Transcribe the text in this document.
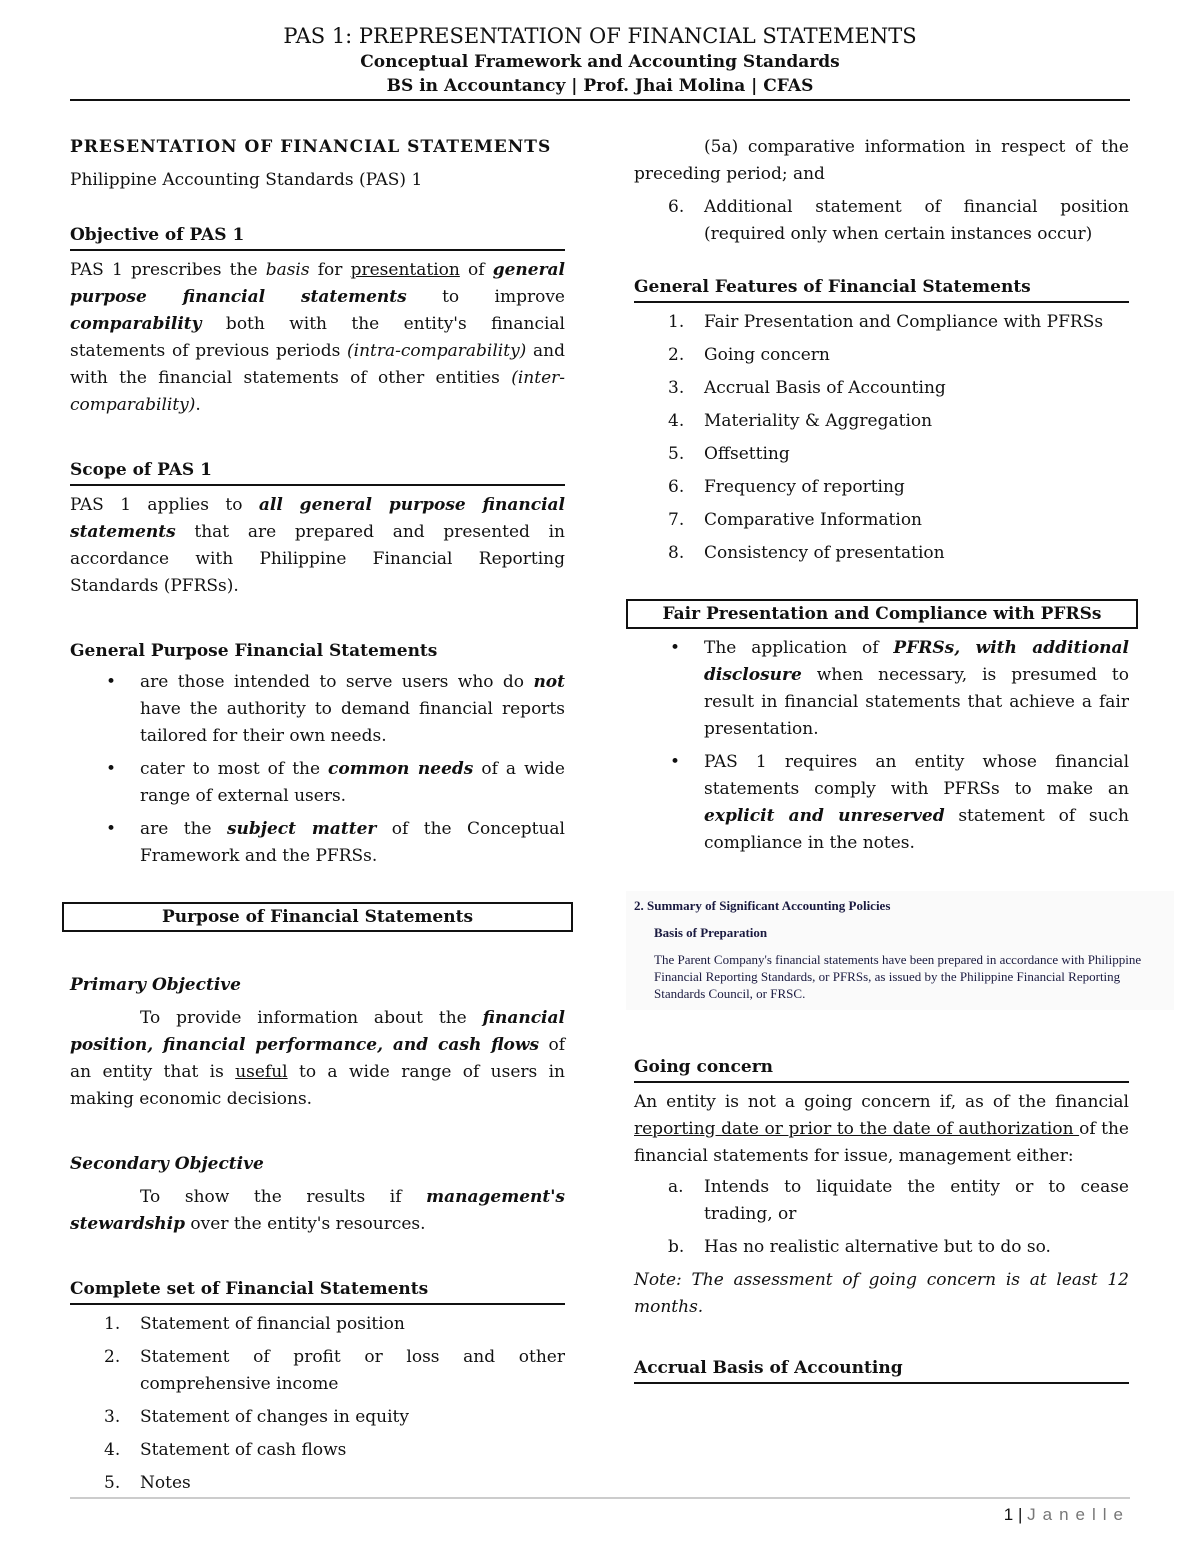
PAS 1: PREPRESENTATION OF FINANCIAL STATEMENTS
Conceptual Framework and Accounting Standards
BS in Accountancy | Prof. Jhai Molina | CFAS
PRESENTATION OF FINANCIAL STATEMENTS
Philippine Accounting Standards (PAS) 1
Objective of PAS 1

PAS 1 prescribes the basis for presentation of general purpose financial statements to improve comparability both with the entity's financial statements of previous periods (intra-comparability) and with the financial statements of other entities (inter-comparability).

Scope of PAS 1

PAS 1 applies to all general purpose financial statements that are prepared and presented in accordance with Philippine Financial Reporting Standards (PFRSs).

General Purpose Financial Statements
• are those intended to serve users who do not have the authority to demand financial reports tailored for their own needs.
• cater to most of the common needs of a wide range of external users.
• are the subject matter of the Conceptual Framework and the PFRSs.
Purpose of Financial Statements
Primary Objective

To provide information about the financial position, financial performance, and cash flows of an entity that is useful to a wide range of users in making economic decisions.

Secondary Objective

To show the results if management's stewardship over the entity's resources.

Complete set of Financial Statements
1. Statement of financial position
2. Statement of profit or loss and other comprehensive income
3. Statement of changes in equity
4. Statement of cash flows
5. Notes

(5a) comparative information in respect of the preceding period; and

6. Additional statement of financial position (required only when certain instances occur)
General Features of Financial Statements
1. Fair Presentation and Compliance with PFRSs
2. Going concern
3. Accrual Basis of Accounting
4. Materiality & Aggregation
5. Offsetting
6. Frequency of reporting
7. Comparative Information
8. Consistency of presentation
Fair Presentation and Compliance with PFRSs
• The application of PFRSs, with additional disclosure when necessary, is presumed to result in financial statements that achieve a fair presentation.
• PAS 1 requires an entity whose financial statements comply with PFRSs to make an explicit and unreserved statement of such compliance in the notes.
2. Summary of Significant Accounting Policies
Basis of Preparation

The Parent Company's financial statements have been prepared in accordance with Philippine Financial Reporting Standards, or PFRSs, as issued by the Philippine Financial Reporting Standards Council, or FRSC.

Going concern

An entity is not a going concern if, as of the financial reporting date or prior to the date of authorization of the financial statements for issue, management either:

a. Intends to liquidate the entity or to cease trading, or
b. Has no realistic alternative but to do so.

Note: The assessment of going concern is at least 12 months.

Accrual Basis of Accounting
1 | Janelle
